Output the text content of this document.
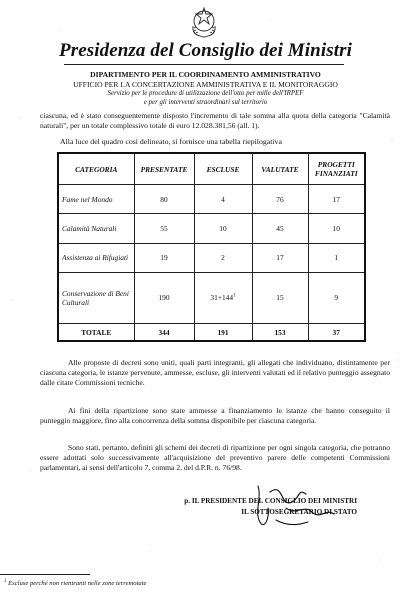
Presidenza del Consiglio dei Ministri
DIPARTIMENTO PER IL COORDINAMENTO AMMINISTRATIVO
UFFICIO PER LA CONCERTAZIONE AMMINISTRATIVA E IL MONITORAGGIO
Servizio per le procedure di utilizzazione dell'otto per mille dell'IRPEF
e per gli interventi straordinari sul territorio
ciascuna, ed è stato conseguentemente disposto l'incremento di tale somma alla quota della categoria "Calamità naturali", per un totale complessivo totale di euro 12.028.381,56 (all. 1).
Alla luce del quadro così delineato, si fornisce una tabella riepilogativa
CATEGORIA	PRESENTATE	ESCLUSE	VALUTATE	PROGETTI FINANZIATI
Fame nel Mondo	80	4	76	17
Calamità Naturali	55	10	45	10
Assistenza ai Rifugiati	19	2	17	1
Conservazione di Beni Culturali	190	$31+144^1$	15	9
TOTALE	344	191	153	37
Alle proposte di decreti sono uniti, quali parti integranti, gli allegati che individuano, distintamente per ciascuna categoria, le istanze pervenute, ammesse, escluse, gli interventi valutati ed il relativo punteggio assegnato dalle citate Commissioni tecniche.
Ai fini della ripartizione sono state ammesse a finanziamento le istanze che hanno conseguito il punteggio maggiore, fino alla concorrenza della somma disponibile per ciascuna categoria.
Sono stati, pertanto, definiti gli schemi dei decreti di ripartizione per ogni singola categoria, che potranno essere adottati solo successivamente all'acquisizione del preventivo parere delle competenti Commissioni parlamentari, ai sensi dell'articolo 7, comma 2, del d.P.R. n. 76/98.
p. IL PRESIDENTE DEL CONSIGLIO DEI MINISTRI
IL SOTTOSEGRETARIO DI STATO
$^1$ Escluse perché non rientranti nelle zone terremotate
